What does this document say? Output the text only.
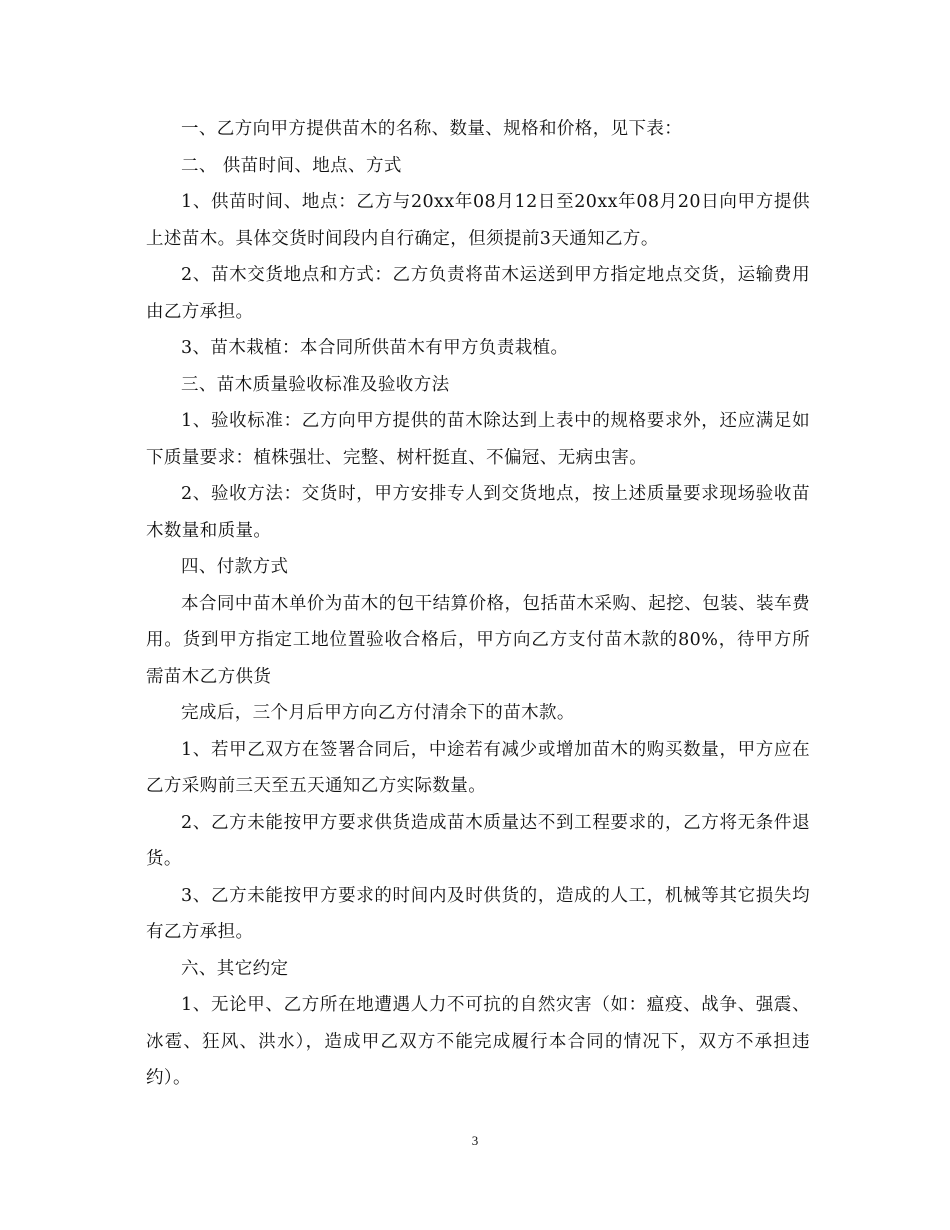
一、乙方向甲方提供苗木的名称、数量、规格和价格，见下表：

二、 供苗时间、地点、方式

1、供苗时间、地点：乙方与20xx年08月12日至20xx年08月20日向甲方提供上述苗木。具体交货时间段内自行确定，但须提前3天通知乙方。

2、苗木交货地点和方式：乙方负责将苗木运送到甲方指定地点交货，运输费用由乙方承担。

3、苗木栽植：本合同所供苗木有甲方负责栽植。

三、苗木质量验收标准及验收方法

1、验收标准：乙方向甲方提供的苗木除达到上表中的规格要求外，还应满足如下质量要求：植株强壮、完整、树杆挺直、不偏冠、无病虫害。

2、验收方法：交货时，甲方安排专人到交货地点，按上述质量要求现场验收苗木数量和质量。

四、付款方式

本合同中苗木单价为苗木的包干结算价格，包括苗木采购、起挖、包装、装车费用。货到甲方指定工地位置验收合格后，甲方向乙方支付苗木款的80%，待甲方所需苗木乙方供货

完成后，三个月后甲方向乙方付清余下的苗木款。

1、若甲乙双方在签署合同后，中途若有减少或增加苗木的购买数量，甲方应在乙方采购前三天至五天通知乙方实际数量。

2、乙方未能按甲方要求供货造成苗木质量达不到工程要求的，乙方将无条件退货。

3、乙方未能按甲方要求的时间内及时供货的，造成的人工，机械等其它损失均有乙方承担。

六、其它约定

1、无论甲、乙方所在地遭遇人力不可抗的自然灾害（如：瘟疫、战争、强震、冰雹、狂风、洪水），造成甲乙双方不能完成履行本合同的情况下，双方不承担违约）。

3
